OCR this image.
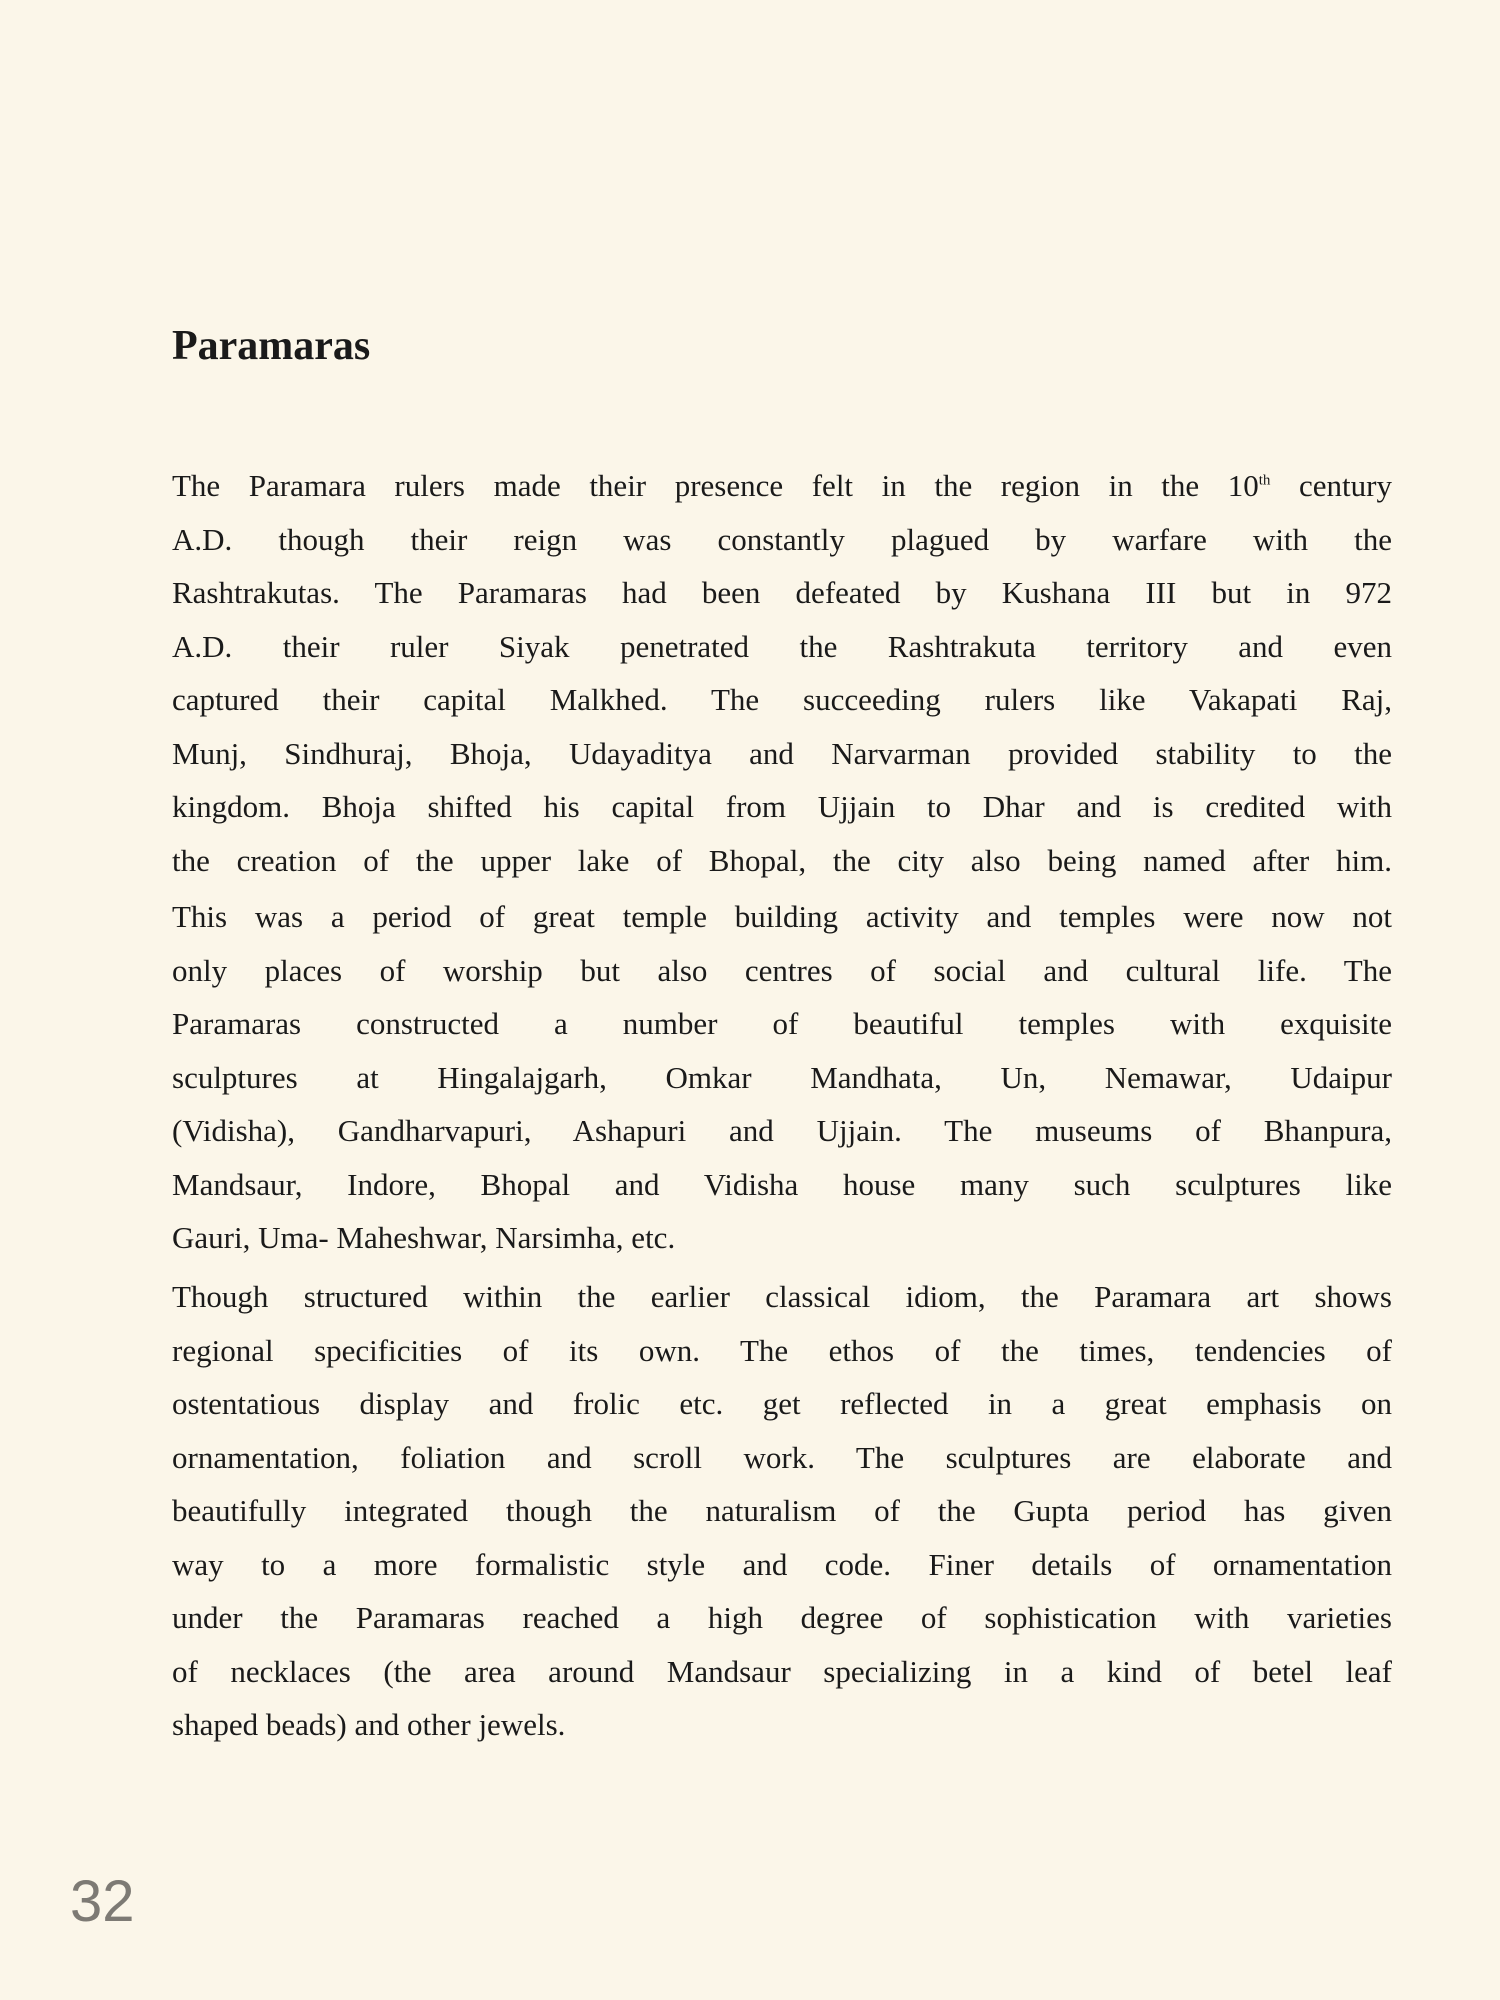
Paramaras
The Paramara rulers made their presence felt in the region in the 10th century
A.D. though their reign was constantly plagued by warfare with the
Rashtrakutas. The Paramaras had been defeated by Kushana III but in 972
A.D. their ruler Siyak penetrated the Rashtrakuta territory and even
captured their capital Malkhed. The succeeding rulers like Vakapati Raj,
Munj, Sindhuraj, Bhoja, Udayaditya and Narvarman provided stability to the
kingdom. Bhoja shifted his capital from Ujjain to Dhar and is credited with
the creation of the upper lake of Bhopal, the city also being named after him.
This was a period of great temple building activity and temples were now not
only places of worship but also centres of social and cultural life. The
Paramaras constructed a number of beautiful temples with exquisite
sculptures at Hingalajgarh, Omkar Mandhata, Un, Nemawar, Udaipur
(Vidisha), Gandharvapuri, Ashapuri and Ujjain. The museums of Bhanpura,
Mandsaur, Indore, Bhopal and Vidisha house many such sculptures like
Gauri, Uma- Maheshwar, Narsimha, etc.
Though structured within the earlier classical idiom, the Paramara art shows
regional specificities of its own. The ethos of the times, tendencies of
ostentatious display and frolic etc. get reflected in a great emphasis on
ornamentation, foliation and scroll work. The sculptures are elaborate and
beautifully integrated though the naturalism of the Gupta period has given
way to a more formalistic style and code. Finer details of ornamentation
under the Paramaras reached a high degree of sophistication with varieties
of necklaces (the area around Mandsaur specializing in a kind of betel leaf
shaped beads) and other jewels.
32
